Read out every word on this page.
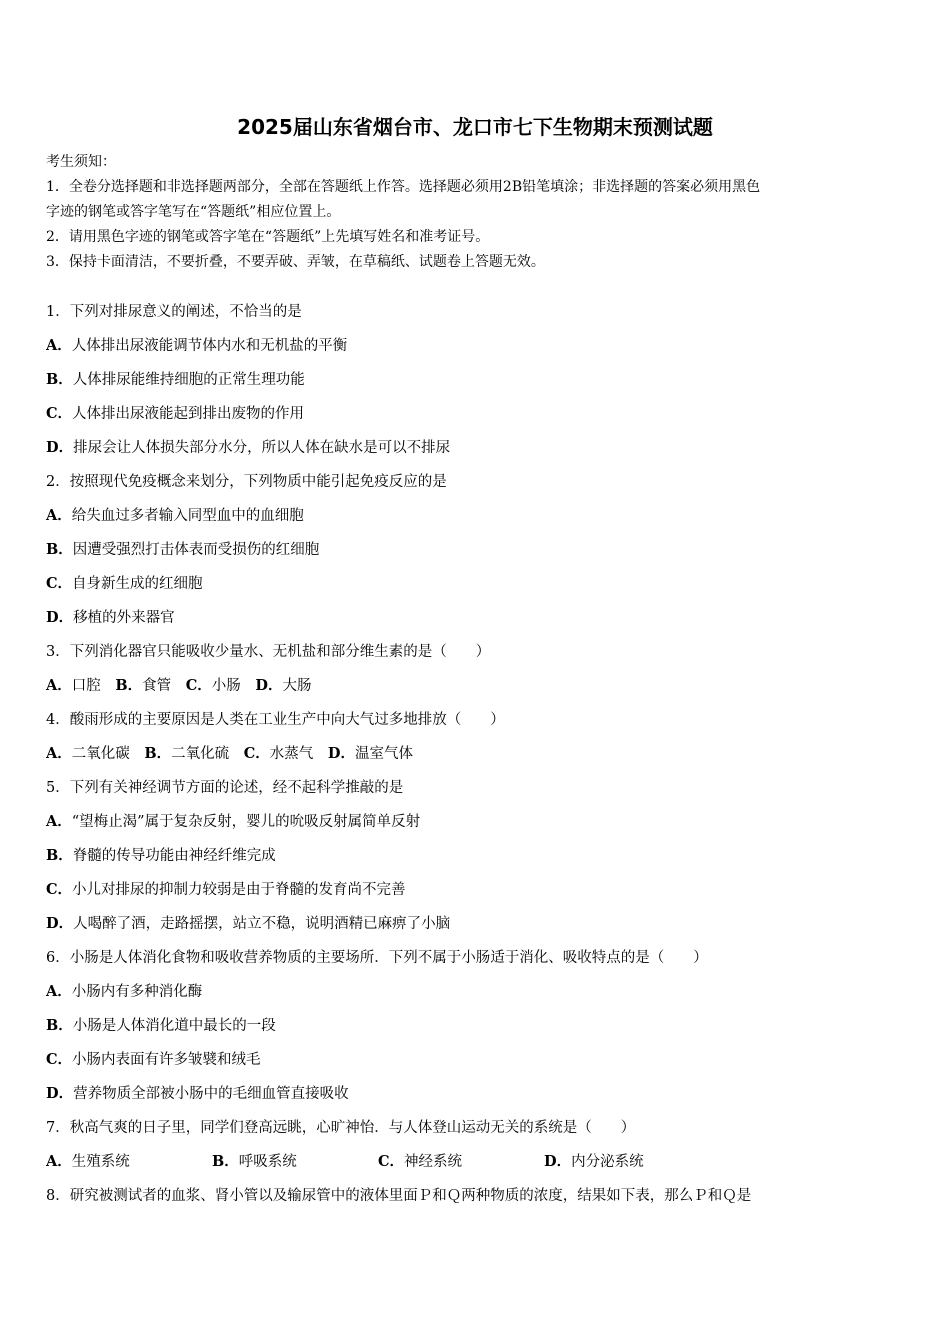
2025届山东省烟台市、龙口市七下生物期末预测试题
考生须知：
1．全卷分选择题和非选择题两部分，全部在答题纸上作答。选择题必须用2B铅笔填涂；非选择题的答案必须用黑色
字迹的钢笔或答字笔写在“答题纸”相应位置上。
2．请用黑色字迹的钢笔或答字笔在“答题纸”上先填写姓名和准考证号。
3．保持卡面清洁，不要折叠，不要弄破、弄皱，在草稿纸、试题卷上答题无效。
1．下列对排尿意义的阐述，不恰当的是
A．人体排出尿液能调节体内水和无机盐的平衡
B．人体排尿能维持细胞的正常生理功能
C．人体排出尿液能起到排出废物的作用
D．排尿会让人体损失部分水分，所以人体在缺水是可以不排尿
2．按照现代免疫概念来划分，下列物质中能引起免疫反应的是
A．给失血过多者输入同型血中的血细胞
B．因遭受强烈打击体表而受损伤的红细胞
C．自身新生成的红细胞
D．移植的外来器官
3．下列消化器官只能吸收少量水、无机盐和部分维生素的是（　　）
A．口腔 B．食管 C．小肠 D．大肠
4．酸雨形成的主要原因是人类在工业生产中向大气过多地排放（　　）
A．二氧化碳 B．二氧化硫 C．水蒸气 D．温室气体
5．下列有关神经调节方面的论述，经不起科学推敲的是
A．“望梅止渴”属于复杂反射，婴儿的吮吸反射属简单反射
B．脊髓的传导功能由神经纤维完成
C．小儿对排尿的抑制力较弱是由于脊髓的发育尚不完善
D．人喝醉了酒，走路摇摆，站立不稳，说明酒精已麻痹了小脑
6．小肠是人体消化食物和吸收营养物质的主要场所．下列不属于小肠适于消化、吸收特点的是（　　）
A．小肠内有多种消化酶
B．小肠是人体消化道中最长的一段
C．小肠内表面有许多皱襞和绒毛
D．营养物质全部被小肠中的毛细血管直接吸收
7．秋高气爽的日子里，同学们登高远眺，心旷神怡．与人体登山运动无关的系统是（　　）
A．生殖系统	B．呼吸系统	C．神经系统	D．内分泌系统
8．研究被测试者的血浆、肾小管以及输尿管中的液体里面Ｐ和Ｑ两种物质的浓度，结果如下表，那么Ｐ和Ｑ是
